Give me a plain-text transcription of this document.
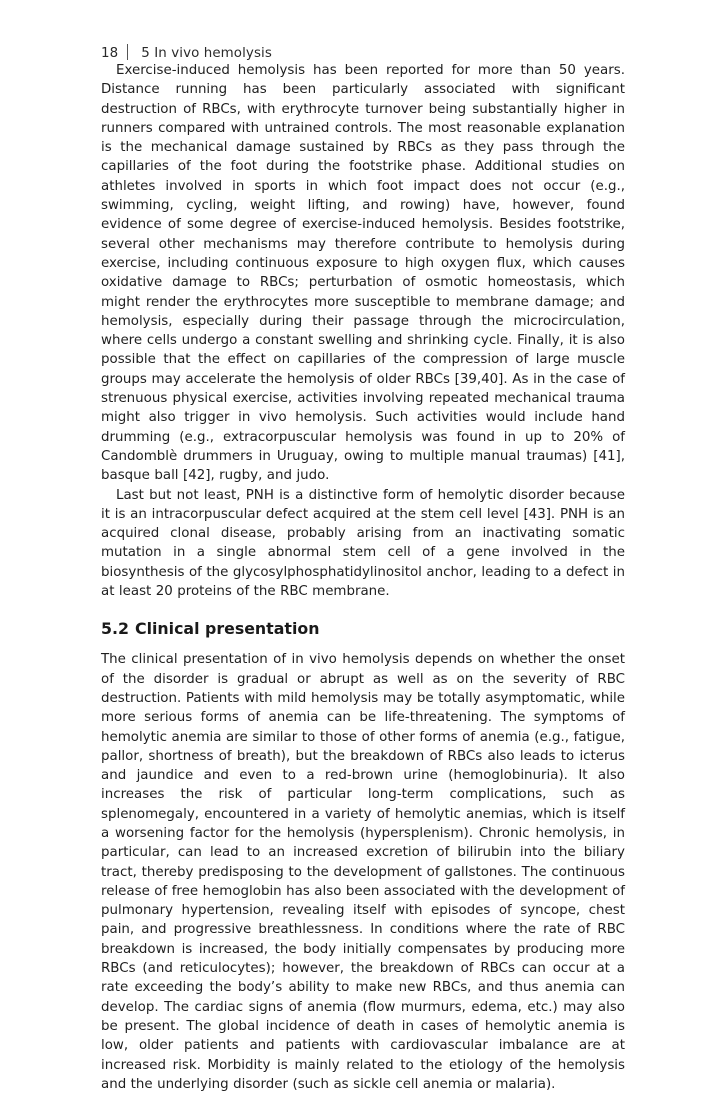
18 5 In vivo hemolysis

Exercise-induced hemolysis has been reported for more than 50 years. Distance running has been particularly associated with significant destruction of RBCs, with erythrocyte turnover being substantially higher in runners compared with untrained controls. The most reasonable explanation is the mechanical damage sustained by RBCs as they pass through the capillaries of the foot during the footstrike phase. Additional studies on athletes involved in sports in which foot impact does not occur (e.g., swimming, cycling, weight lifting, and rowing) have, however, found evidence of some degree of exercise-induced hemolysis. Besides footstrike, several other mechanisms may therefore contribute to hemolysis during exercise, including continuous exposure to high oxygen flux, which causes oxidative damage to RBCs; perturbation of osmotic homeostasis, which might render the erythrocytes more susceptible to membrane damage; and hemolysis, especially during their passage through the microcirculation, where cells undergo a constant swelling and shrinking cycle. Finally, it is also possible that the effect on capillaries of the compression of large muscle groups may accelerate the hemolysis of older RBCs [39,40]. As in the case of strenuous physical exercise, activities involving repeated mechanical trauma might also trigger in vivo hemolysis. Such activities would include hand drumming (e.g., extracorpuscular hemolysis was found in up to 20% of Candomblè drummers in Uruguay, owing to multiple manual traumas) [41], basque ball [42], rugby, and judo.

Last but not least, PNH is a distinctive form of hemolytic disorder because it is an intracorpuscular defect acquired at the stem cell level [43]. PNH is an acquired clonal disease, probably arising from an inactivating somatic mutation in a single abnormal stem cell of a gene involved in the biosynthesis of the glycosylphosphatidylinositol anchor, leading to a defect in at least 20 proteins of the RBC membrane.

5.2 Clinical presentation

The clinical presentation of in vivo hemolysis depends on whether the onset of the disorder is gradual or abrupt as well as on the severity of RBC destruction. Patients with mild hemolysis may be totally asymptomatic, while more serious forms of anemia can be life-threatening. The symptoms of hemolytic anemia are similar to those of other forms of anemia (e.g., fatigue, pallor, shortness of breath), but the breakdown of RBCs also leads to icterus and jaundice and even to a red-brown urine (hemoglobinuria). It also increases the risk of particular long-term complications, such as splenomegaly, encountered in a variety of hemolytic anemias, which is itself a worsening factor for the hemolysis (hypersplenism). Chronic hemolysis, in particular, can lead to an increased excretion of bilirubin into the biliary tract, thereby predisposing to the development of gallstones. The continuous release of free hemoglobin has also been associated with the development of pulmonary hypertension, revealing itself with episodes of syncope, chest pain, and progressive breathlessness. In conditions where the rate of RBC breakdown is increased, the body initially compensates by producing more RBCs (and reticulocytes); however, the breakdown of RBCs can occur at a rate exceeding the body’s ability to make new RBCs, and thus anemia can develop. The cardiac signs of anemia (flow murmurs, edema, etc.) may also be present. The global incidence of death in cases of hemolytic anemia is low, older patients and patients with cardiovascular imbalance are at increased risk. Morbidity is mainly related to the etiology of the hemolysis and the underlying disorder (such as sickle cell anemia or malaria).
